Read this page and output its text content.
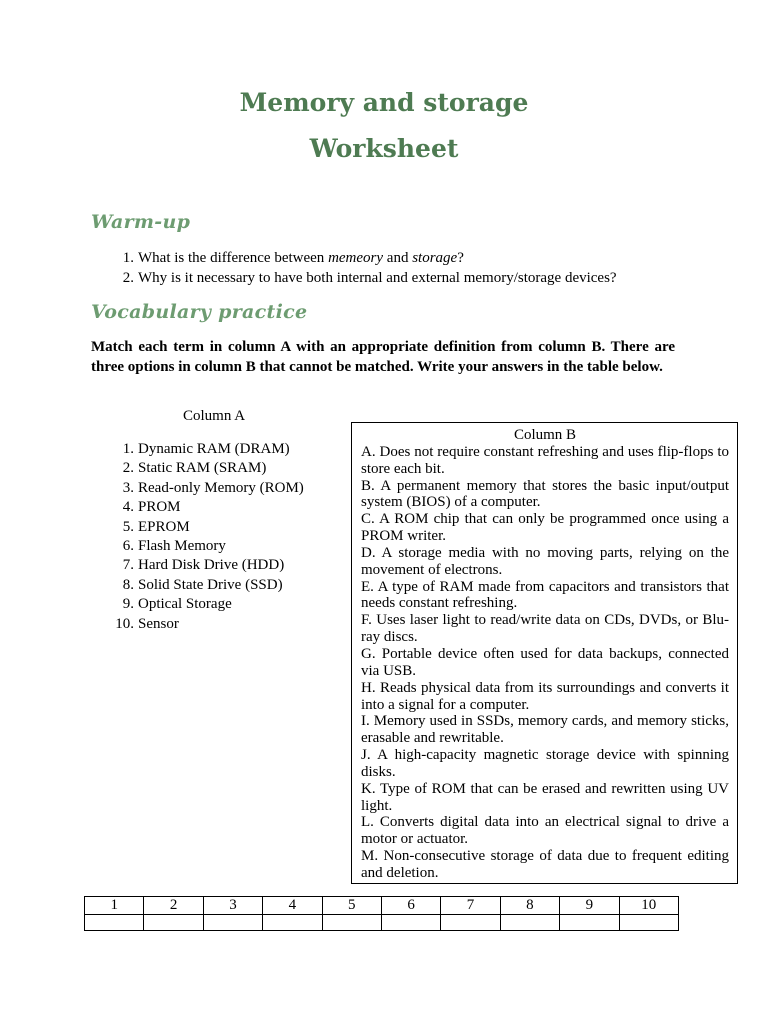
Memory and storage
Worksheet
Warm-up
1. What is the difference between memeory and storage?
2. Why is it necessary to have both internal and external memory/storage devices?
Vocabulary practice

Match each term in column A with an appropriate definition from column B. There are three options in column B that cannot be matched. Write your answers in the table below.

Column A

1. Dynamic RAM (DRAM)
2. Static RAM (SRAM)
3. Read-only Memory (ROM)
4. PROM
5. EPROM
6. Flash Memory
7. Hard Disk Drive (HDD)
8. Solid State Drive (SSD)
9. Optical Storage
10. Sensor

Column B

A. Does not require constant refreshing and uses flip-flops to store each bit.

B. A permanent memory that stores the basic input/output system (BIOS) of a computer.

C. A ROM chip that can only be programmed once using a PROM writer.

D. A storage media with no moving parts, relying on the movement of electrons.

E. A type of RAM made from capacitors and transistors that needs constant refreshing.

F. Uses laser light to read/write data on CDs, DVDs, or Blu-ray discs.

G. Portable device often used for data backups, connected via USB.

H. Reads physical data from its surroundings and converts it into a signal for a computer.

I. Memory used in SSDs, memory cards, and memory sticks, erasable and rewritable.

J. A high-capacity magnetic storage device with spinning disks.

K. Type of ROM that can be erased and rewritten using UV light.

L. Converts digital data into an electrical signal to drive a motor or actuator.

M. Non-consecutive storage of data due to frequent editing and deletion.

1	2	3	4	5	6	7	8	9	10
